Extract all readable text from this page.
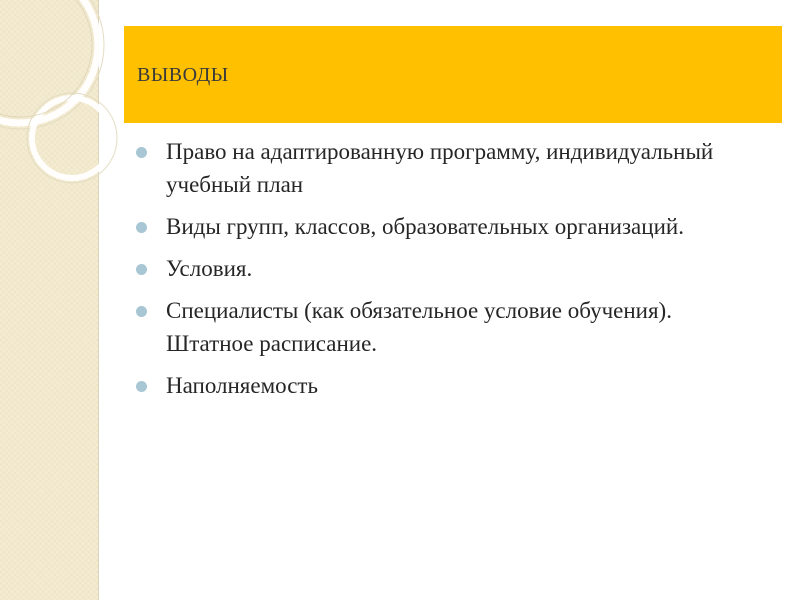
ВЫВОДЫ
Право на адаптированную программу, индивидуальный учебный план
Виды групп, классов, образовательных организаций.
Условия.
Специалисты (как обязательное условие обучения). Штатное расписание.
Наполняемость
